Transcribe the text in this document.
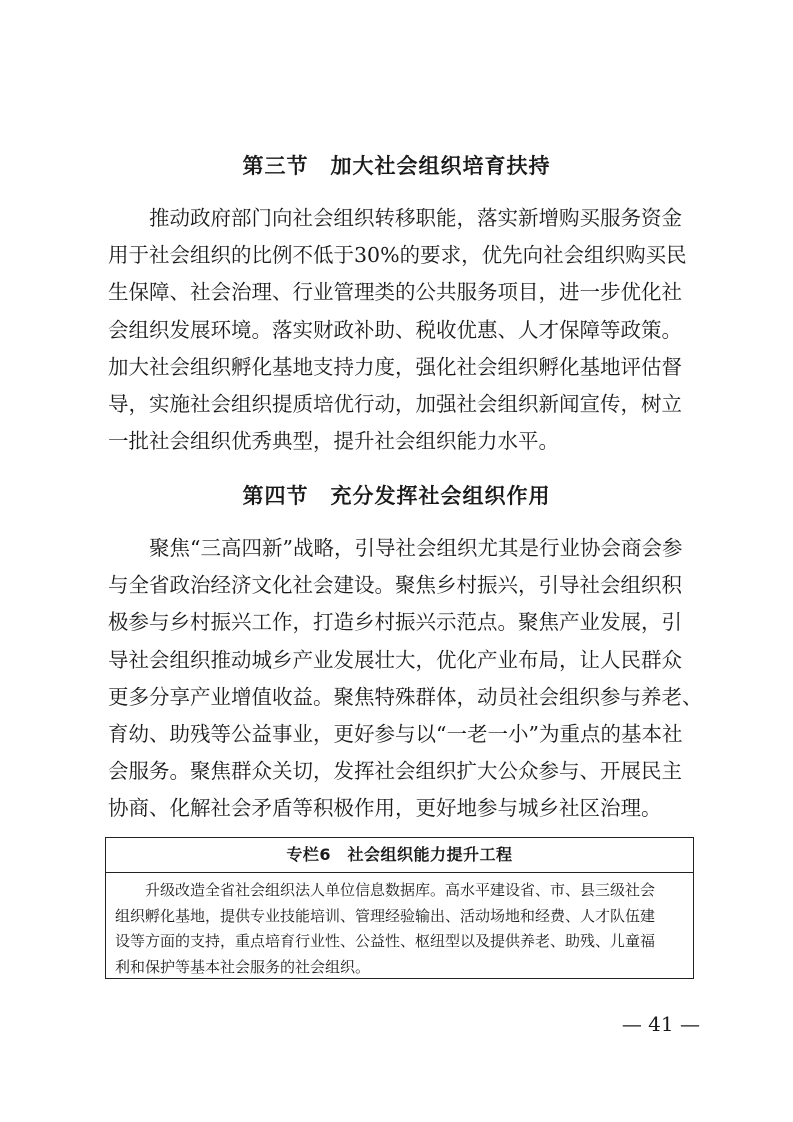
第三节　加大社会组织培育扶持
　　推动政府部门向社会组织转移职能，落实新增购买服务资金
用于社会组织的比例不低于30%的要求，优先向社会组织购买民
生保障、社会治理、行业管理类的公共服务项目，进一步优化社
会组织发展环境。落实财政补助、税收优惠、人才保障等政策。
加大社会组织孵化基地支持力度，强化社会组织孵化基地评估督
导，实施社会组织提质培优行动，加强社会组织新闻宣传，树立
一批社会组织优秀典型，提升社会组织能力水平。
第四节　充分发挥社会组织作用
　　聚焦“三高四新”战略，引导社会组织尤其是行业协会商会参
与全省政治经济文化社会建设。聚焦乡村振兴，引导社会组织积
极参与乡村振兴工作，打造乡村振兴示范点。聚焦产业发展，引
导社会组织推动城乡产业发展壮大，优化产业布局，让人民群众
更多分享产业增值收益。聚焦特殊群体，动员社会组织参与养老、
育幼、助残等公益事业，更好参与以“一老一小”为重点的基本社
会服务。聚焦群众关切，发挥社会组织扩大公众参与、开展民主
协商、化解社会矛盾等积极作用，更好地参与城乡社区治理。
专栏6　社会组织能力提升工程
　　升级改造全省社会组织法人单位信息数据库。高水平建设省、市、县三级社会
组织孵化基地，提供专业技能培训、管理经验输出、活动场地和经费、人才队伍建
设等方面的支持，重点培育行业性、公益性、枢纽型以及提供养老、助残、儿童福
利和保护等基本社会服务的社会组织。
— 41 —
